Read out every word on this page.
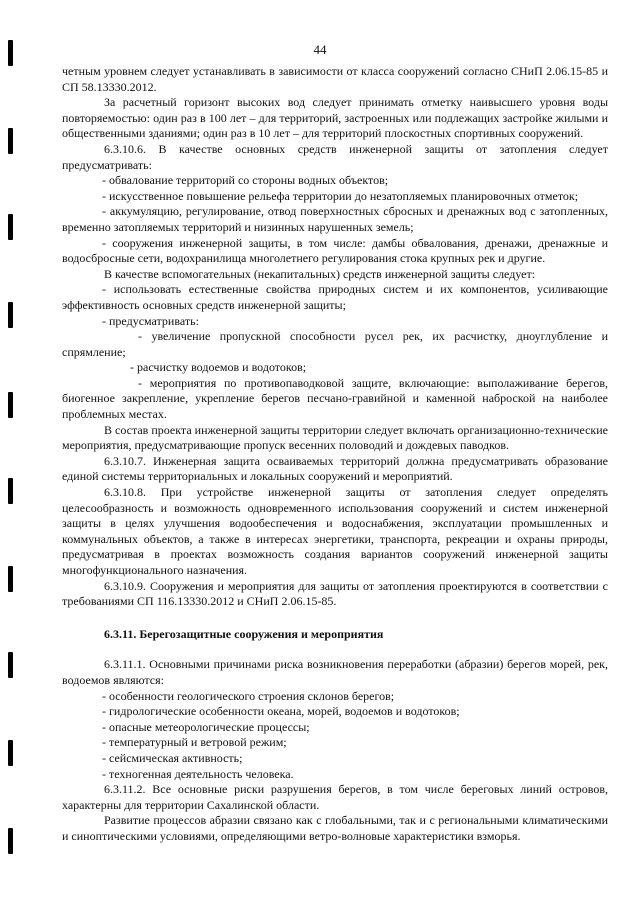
44

четным уровнем следует устанавливать в зависимости от класса сооружений согласно СНиП 2.06.15-85 и СП 58.13330.2012.

За расчетный горизонт высоких вод следует принимать отметку наивысшего уровня воды повторяемостью: один раз в 100 лет – для территорий, застроенных или подлежащих застройке жилыми и общественными зданиями; один раз в 10 лет – для территорий плоскостных спортивных сооружений.

6.3.10.6. В качестве основных средств инженерной защиты от затопления следует предусматривать:

- обвалование территорий со стороны водных объектов;

- искусственное повышение рельефа территории до незатопляемых планировочных отметок;

- аккумуляцию, регулирование, отвод поверхностных сбросных и дренажных вод с затопленных, временно затопляемых территорий и низинных нарушенных земель;

- сооружения инженерной защиты, в том числе: дамбы обвалования, дренажи, дренажные и водосбросные сети, водохранилища многолетнего регулирования стока крупных рек и другие.

В качестве вспомогательных (некапитальных) средств инженерной защиты следует:

- использовать естественные свойства природных систем и их компонентов, усиливающие эффективность основных средств инженерной защиты;

- предусматривать:

- увеличение пропускной способности русел рек, их расчистку, дноуглубление и спрямление;

- расчистку водоемов и водотоков;

- мероприятия по противопаводковой защите, включающие: выполаживание берегов, биогенное закрепление, укрепление берегов песчано-гравийной и каменной наброской на наиболее проблемных местах.

В состав проекта инженерной защиты территории следует включать организационно-технические мероприятия, предусматривающие пропуск весенних половодий и дождевых паводков.

6.3.10.7. Инженерная защита осваиваемых территорий должна предусматривать образование единой системы территориальных и локальных сооружений и мероприятий.

6.3.10.8. При устройстве инженерной защиты от затопления следует определять целесообразность и возможность одновременного использования сооружений и систем инженерной защиты в целях улучшения водообеспечения и водоснабжения, эксплуатации промышленных и коммунальных объектов, а также в интересах энергетики, транспорта, рекреации и охраны природы, предусматривая в проектах возможность создания вариантов сооружений инженерной защиты многофункционального назначения.

6.3.10.9. Сооружения и мероприятия для защиты от затопления проектируются в соответствии с требованиями СП 116.13330.2012 и СНиП 2.06.15-85.

6.3.11. Берегозащитные сооружения и мероприятия

6.3.11.1. Основными причинами риска возникновения переработки (абразии) берегов морей, рек, водоемов являются:

- особенности геологического строения склонов берегов;

- гидрологические особенности океана, морей, водоемов и водотоков;

- опасные метеорологические процессы;

- температурный и ветровой режим;

- сейсмическая активность;

- техногенная деятельность человека.

6.3.11.2. Все основные риски разрушения берегов, в том числе береговых линий островов, характерны для территории Сахалинской области.

Развитие процессов абразии связано как с глобальными, так и с региональными климатическими и синоптическими условиями, определяющими ветро-волновые характеристики взморья.
